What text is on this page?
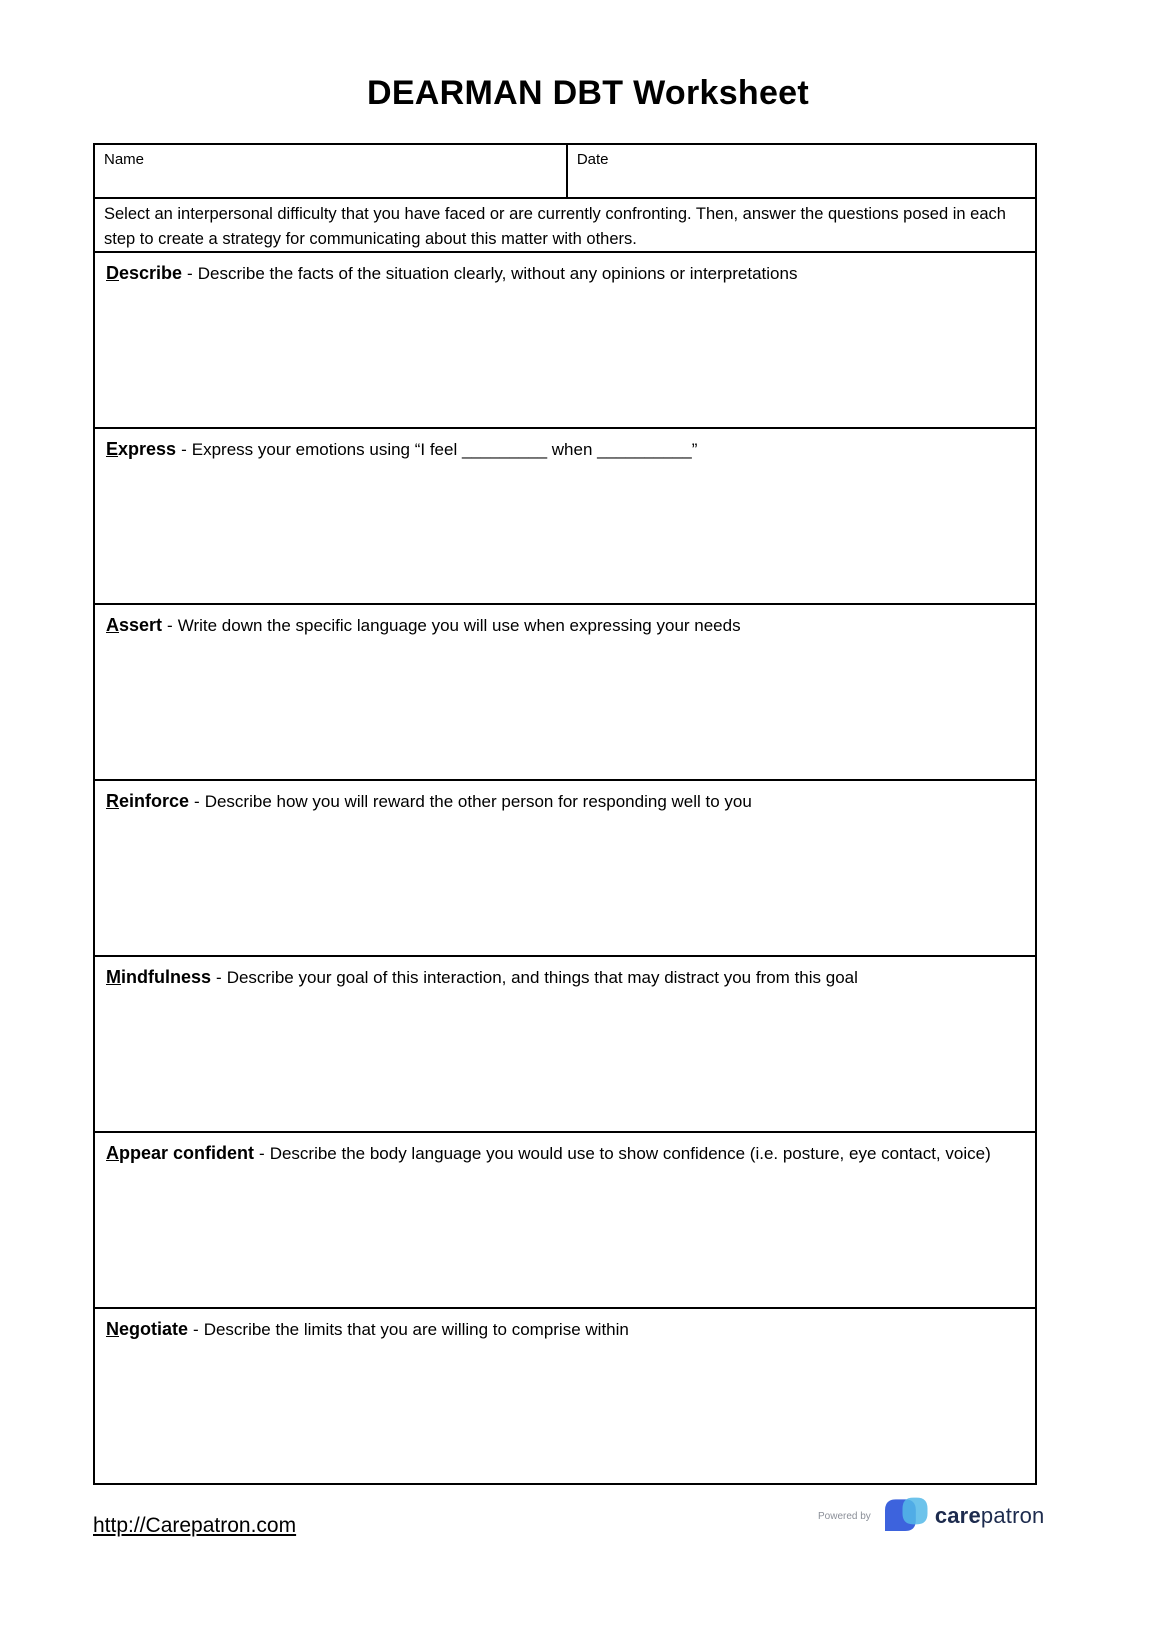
DEARMAN DBT Worksheet
Name	Date
Select an interpersonal difficulty that you have faced or are currently confronting. Then, answer the questions posed in each step to create a strategy for communicating about this matter with others.
Describe - Describe the facts of the situation clearly, without any opinions or interpretations
Express - Express your emotions using “I feel _________ when __________”
Assert - Write down the specific language you will use when expressing your needs
Reinforce - Describe how you will reward the other person for responding well to you
Mindfulness - Describe your goal of this interaction, and things that may distract you from this goal
Appear confident - Describe the body language you would use to show confidence (i.e. posture, eye contact, voice)
Negotiate - Describe the limits that you are willing to comprise within
http://Carepatron.com	Powered by	carepatron
